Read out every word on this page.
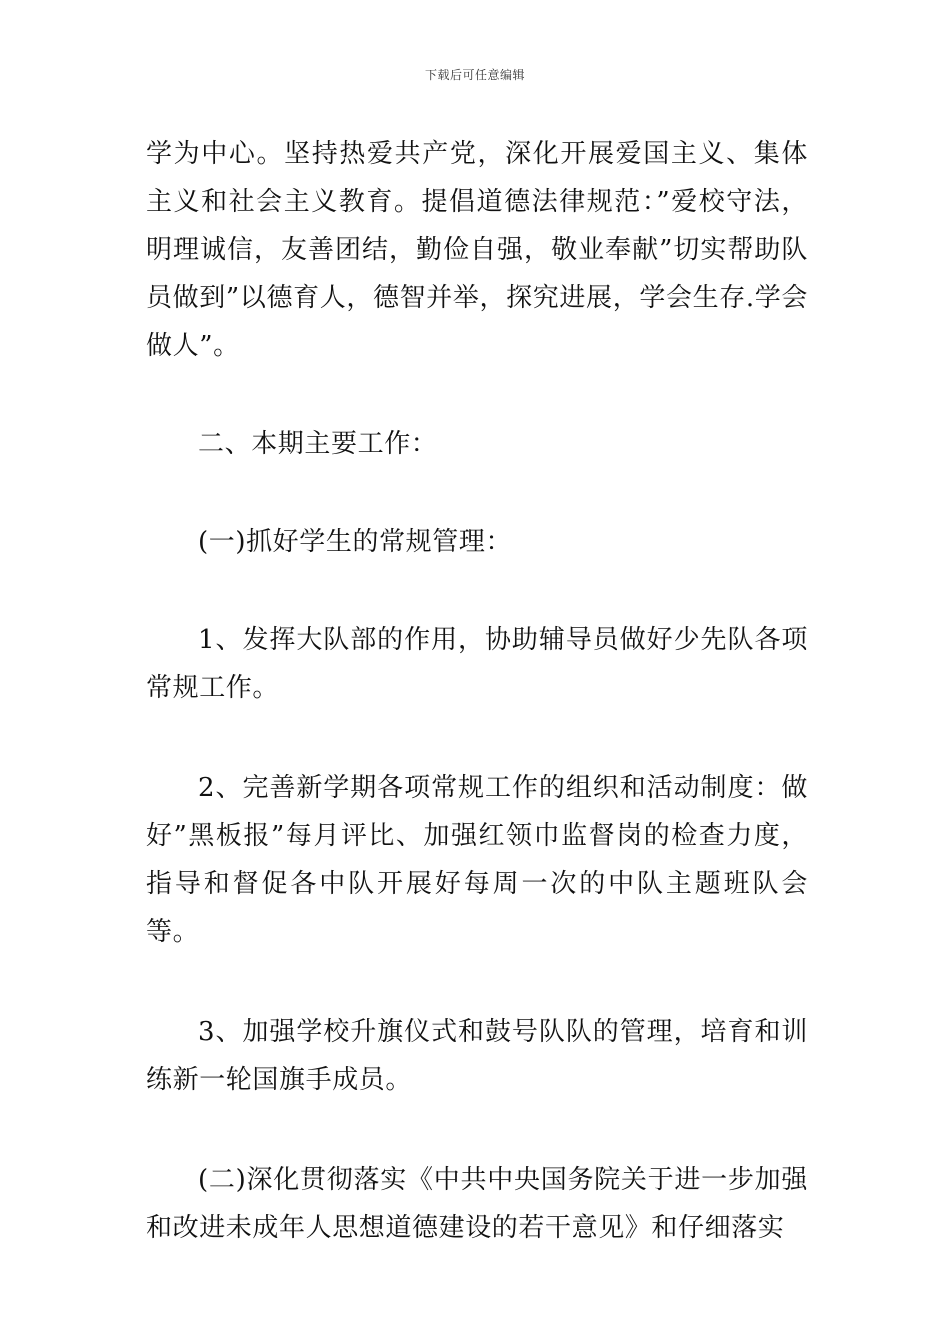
下载后可任意编辑

学为中心。坚持热爱共产党，深化开展爱国主义、集体主义和社会主义教育。提倡道德法律规范：”爱校守法，明理诚信，友善团结，勤俭自强，敬业奉献”切实帮助队员做到”以德育人，德智并举，探究进展，学会生存.学会做人”。

二、本期主要工作：

(一)抓好学生的常规管理：

1、发挥大队部的作用，协助辅导员做好少先队各项常规工作。

2、完善新学期各项常规工作的组织和活动制度：做好”黑板报”每月评比、加强红领巾监督岗的检查力度，指导和督促各中队开展好每周一次的中队主题班队会等。

3、加强学校升旗仪式和鼓号队队的管理，培育和训练新一轮国旗手成员。

(二)深化贯彻落实《中共中央国务院关于进一步加强和改进未成年人思想道德建设的若干意见》和仔细落实
